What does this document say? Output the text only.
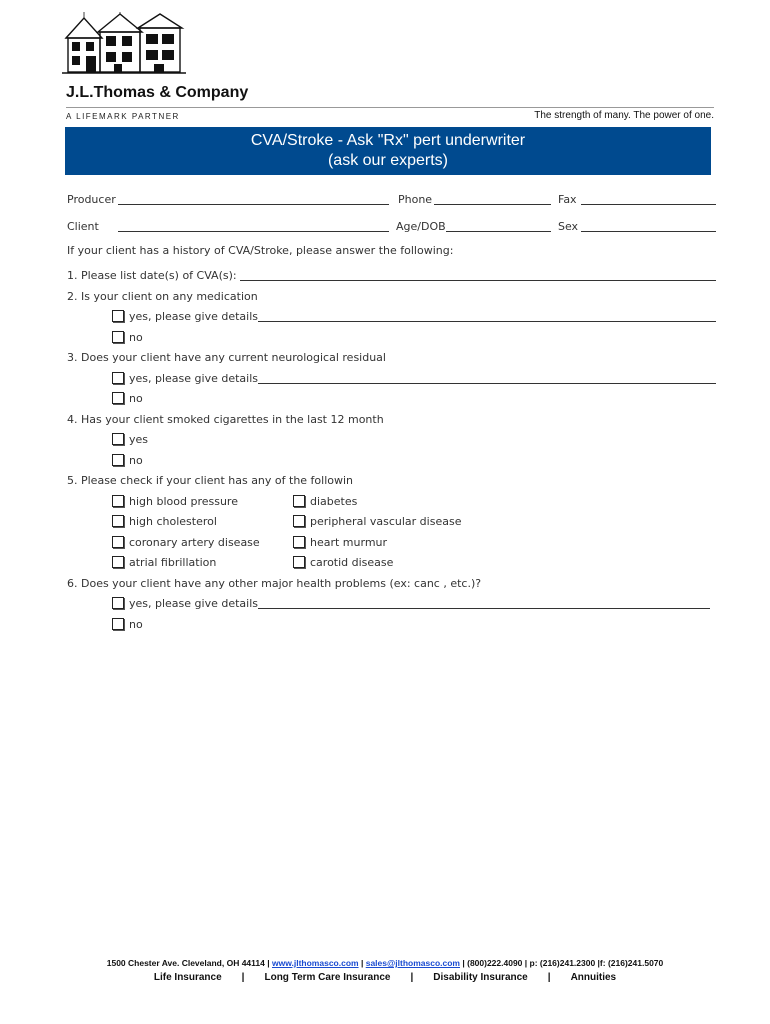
J.L.Thomas & Company
A LIFEMARK PARTNER	The strength of many. The power of one.
CVA/Stroke - Ask "Rx" pert underwriter
(ask our experts)
Producer	Phone	Fax
Client	Age/DOB	Sex
If your client has a history of CVA/Stroke, please answer the following:
1. Please list date(s) of CVA(s):
2. Is your client on any medication
yes, please give details
no
3. Does your client have any current neurological residual
yes, please give details
no
4. Has your client smoked cigarettes in the last 12 month
yes
no
5. Please check if your client has any of the followin
high blood pressure	diabetes
high cholesterol	peripheral vascular disease
coronary artery disease	heart murmur
atrial fibrillation	carotid disease
6. Does your client have any other major health problems (ex: canc , etc.)?
yes, please give details
no
1500 Chester Ave. Cleveland, OH 44114 | www.jlthomasco.com | sales@jlthomasco.com | (800)222.4090 | p: (216)241.2300 |f: (216)241.5070
Life Insurance | Long Term Care Insurance | Disability Insurance | Annuities
